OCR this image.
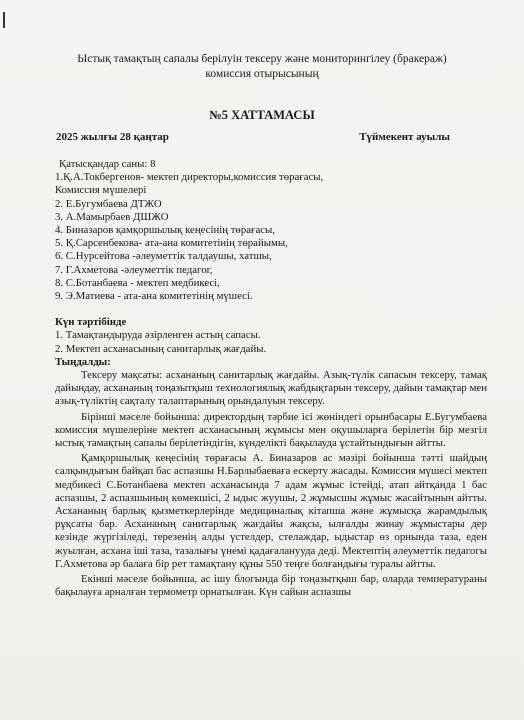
Ыстық тамақтың сапалы берілуін тексеру және мониторингілеу (бракераж)
комиссия отырысының
№5 ХАТТАМАСЫ
2025 жылғы 28 қаңтар	Түймекент ауылы
Қатысқандар саны: 8
1.Қ.А.Токбергенов- мектеп директоры,комиссия төрағасы,
Комиссия мүшелері
2. Е.Бугумбаева ДТЖО
3. А.Мамырбаев ДШЖО
4. Биназаров қамқоршылық кеңесінің төрағасы,
5. Қ.Сарсенбекова- ата-ана комитетінің төрайымы,
6. С.Нурсейтова -әлеуметтік талдаушы, хатшы,
7. Г.Ахметова -әлеуметтік педагог,
8. С.Ботанбаева - мектеп медбикесі,
9. Э.Матиева - ата-ана комитетінің мүшесі.
Күн тәртібінде
1. Тамақтандыруда әзірленген астың сапасы.
2. Мектеп асханасының санитарлық жағдайы.
Тыңдалды:

Тексеру мақсаты: асхананың санитарлық жағдайы. Азық-түлік сапасын тексеру, тамақ дайындау, асхананың тоңазытқыш технологиялық жабдықтарын тексеру, дайын тамақтар мен азық-түліктің сақталу талаптарының орындалуын тексеру.

Бірінші мәселе бойынша: директордың тәрбие ісі жөніндегі орынбасары Е.Бугумбаева комиссия мүшелеріне мектеп асханасының жұмысы мен оқушыларға берілетін бір мезгіл ыстық тамақтың сапалы берілетіндігін, күнделікті бақылауда ұстайтындығын айтты.

Қамқоршылық кеңесінің төрағасы А. Биназаров ас мәзірі бойынша тәтті шайдың салқындығын байқап бас аспазшы Н.Барлыбаеваға ескерту жасады. Комиссия мүшесі мектеп медбикесі С.Ботанбаева мектеп асханасында 7 адам жұмыс істейді, атап айтқанда 1 бас аспазшы, 2 аспазшының көмекшісі, 2 ыдыс жуушы, 2 жұмысшы жұмыс жасайтынын айтты. Асхананың барлық қызметкерлерінде медициналық кітапша және жұмысқа жарамдылық рұқсаты бар. Асхананың санитарлық жағдайы жақсы, ылғалды жинау жұмыстары дер кезінде жүргізіледі, терезенің алды үстелдер, стелаждар, ыдыстар өз орнында таза, еден жуылған, асхана іші таза, тазалығы үнемі қадағаланууда деді. Мектептің әлеуметтік педагогы Г.Ахметова әр балаға бір рет тамақтану құны 550 теңге болғандығы туралы айтты.

Екінші мәселе бойынша, ас ішу блогында бір тоңазытқыш бар, оларда температураны бақылауға арналған термометр орнатылған. Күн сайын аспазшы
